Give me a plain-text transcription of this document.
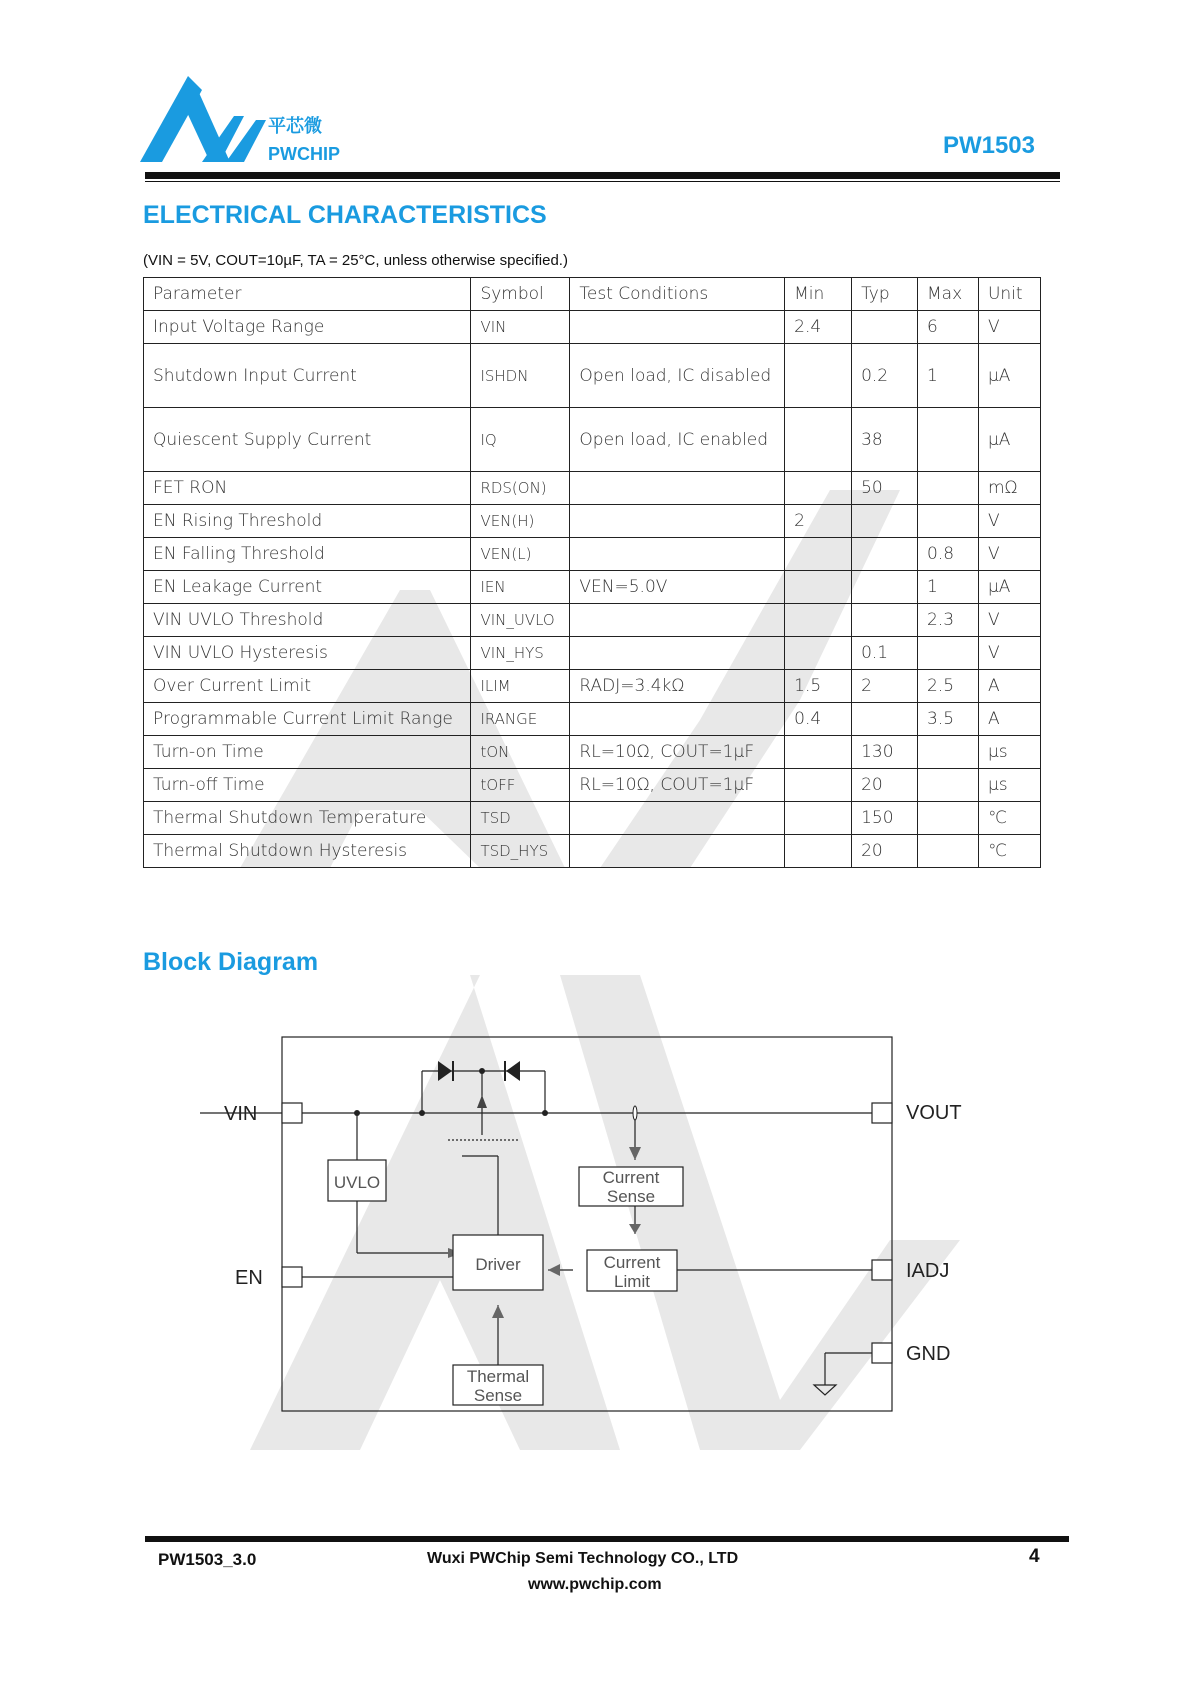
平芯微
PWCHIP	PW1503
ELECTRICAL CHARACTERISTICS
(VIN = 5V, COUT=10µF, TA = 25°C, unless otherwise specified.)
Parameter	Symbol	Test Conditions	Min	Typ	Max	Unit
Input Voltage Range	VIN		2.4		6	V
Shutdown Input Current	ISHDN	Open load, IC disabled		0.2	1	µA
Quiescent Supply Current	IQ	Open load, IC enabled		38		µA
FET RON	RDS(ON)			50		mΩ
EN Rising Threshold	VEN(H)		2			V
EN Falling Threshold	VEN(L)				0.8	V
EN Leakage Current	IEN	VEN=5.0V			1	µA
VIN UVLO Threshold	VIN_UVLO				2.3	V
VIN UVLO Hysteresis	VIN_HYS			0.1		V
Over Current Limit	ILIM	RADJ=3.4kΩ	1.5	2	2.5	A
Programmable Current Limit Range	IRANGE		0.4		3.5	A
Turn-on Time	tON	RL=10Ω, COUT=1µF		130		µs
Turn-off Time	tOFF	RL=10Ω, COUT=1µF		20		µs
Thermal Shutdown Temperature	TSD			150		℃
Thermal Shutdown Hysteresis	TSD_HYS			20		℃
Block Diagram
UVLO
Driver
Current
Sense
Current
Limit
Thermal
Sense
VIN
EN
VOUT
IADJ
GND
PW1503_3.0	Wuxi PWChip Semi Technology CO., LTD
www.pwchip.com
4
